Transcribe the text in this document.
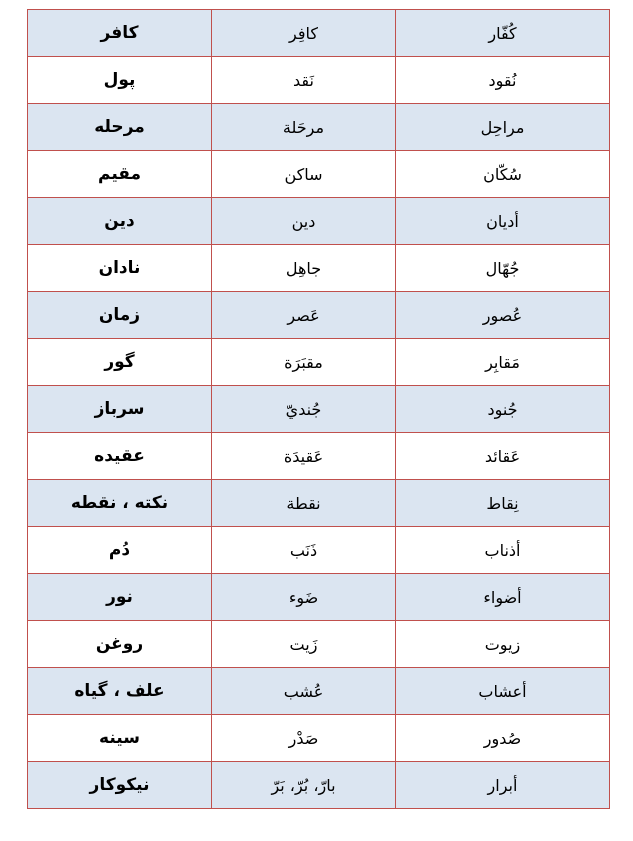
کافر	کافِر	کُفّار
پول	نَقد	نُقود
مرحله	مرحَلة	مراحِل
مقیم	ساکن	سُکّان
دین	دین	أدیان
نادان	جاهِل	جُهّال
زمان	عَصر	عُصور
گور	مقبَرَة	مَقابِر
سرباز	جُنديّ	جُنود
عقیده	عَقیدَة	عَقائد
نکته ، نقطه	نقطة	نِقاط
دُم	ذَنَب	أذناب
نور	ضَوء	أضواء
روغن	زَیت	زیوت
علف ، گیاه	عُشب	أعشاب
سینه	صَدْر	صُدور
نیکوکار	بارّ، بُرّ، بَرّ	أبرار
